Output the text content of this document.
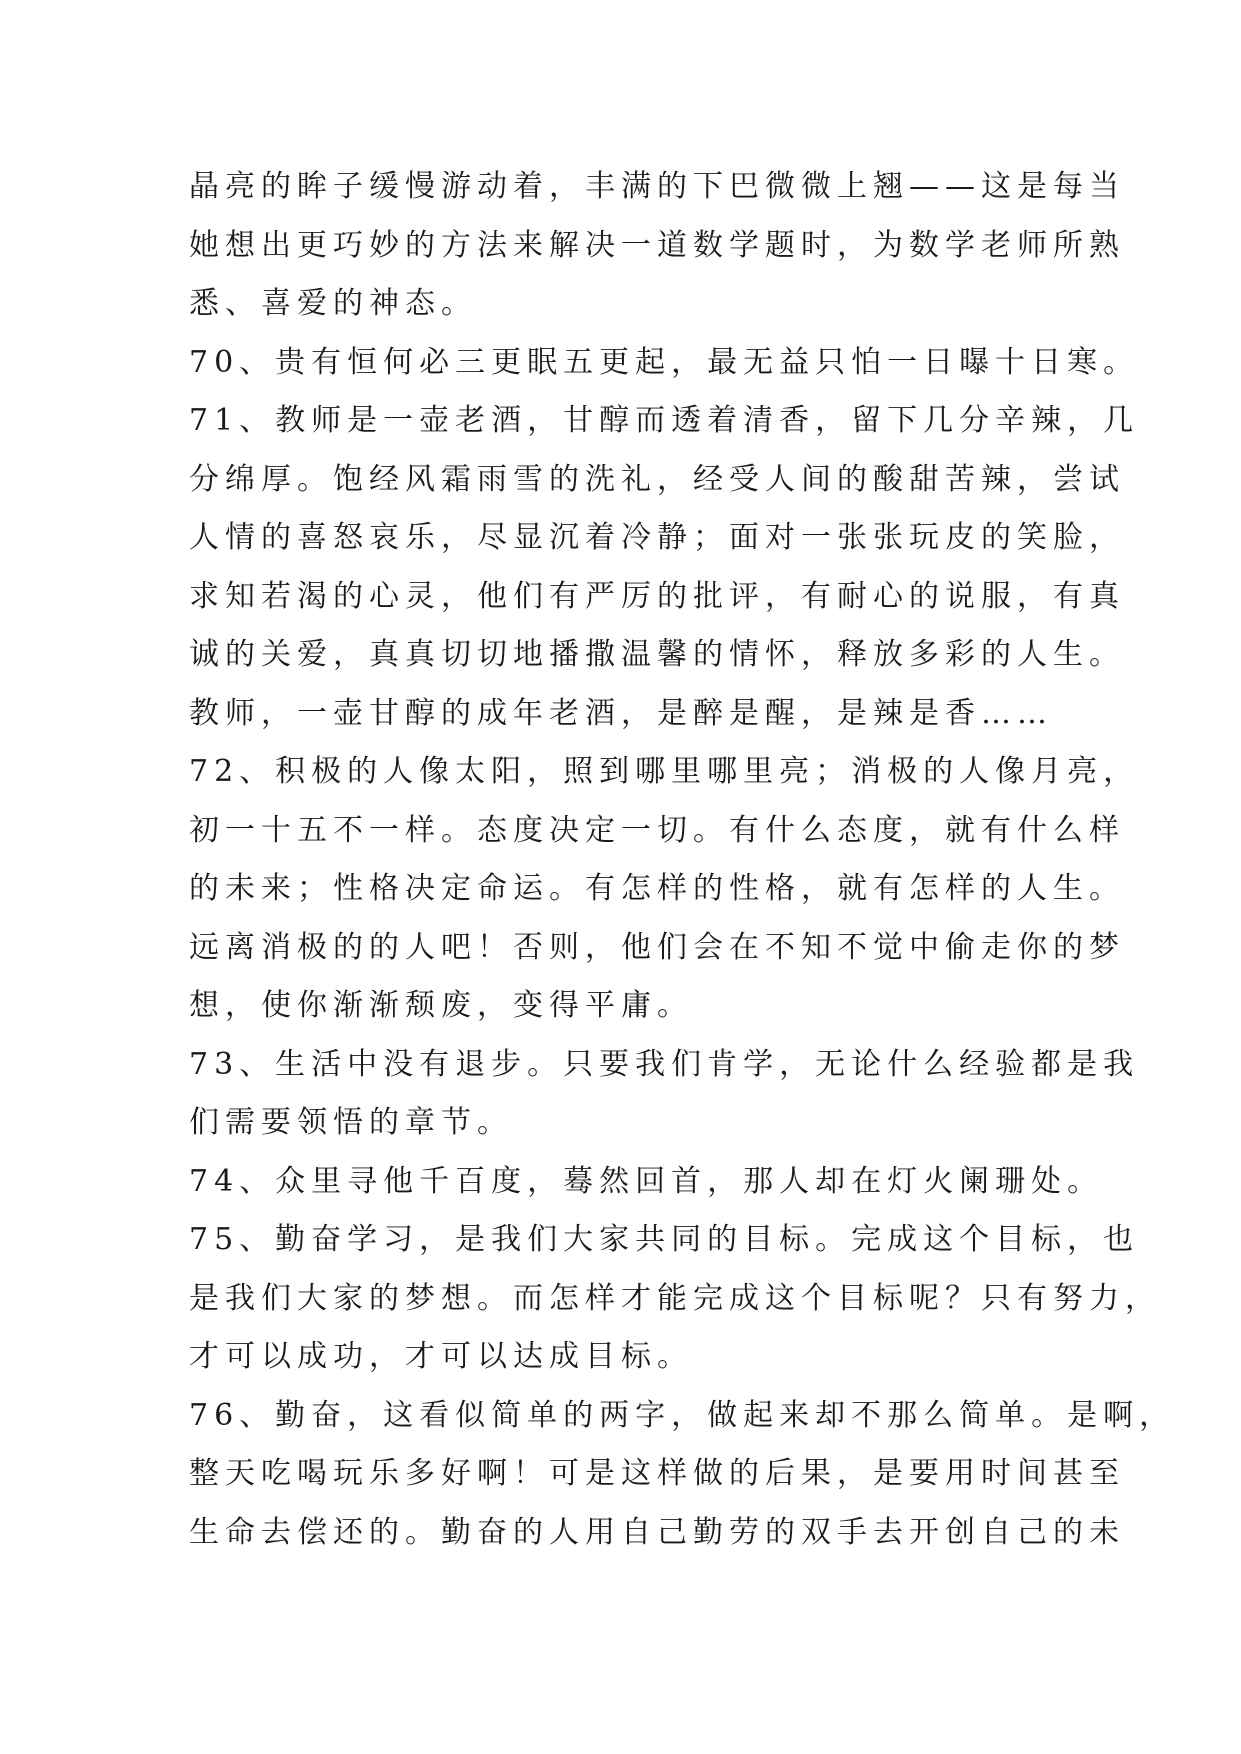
晶亮的眸子缓慢游动着，丰满的下巴微微上翘——这是每当
她想出更巧妙的方法来解决一道数学题时，为数学老师所熟
悉、喜爱的神态。
70、贵有恒何必三更眠五更起，最无益只怕一日曝十日寒。
71、教师是一壶老酒，甘醇而透着清香，留下几分辛辣，几
分绵厚。饱经风霜雨雪的洗礼，经受人间的酸甜苦辣，尝试
人情的喜怒哀乐，尽显沉着冷静；面对一张张玩皮的笑脸，
求知若渴的心灵，他们有严厉的批评，有耐心的说服，有真
诚的关爱，真真切切地播撒温馨的情怀，释放多彩的人生。
教师，一壶甘醇的成年老酒，是醉是醒，是辣是香……
72、积极的人像太阳，照到哪里哪里亮；消极的人像月亮，
初一十五不一样。态度决定一切。有什么态度，就有什么样
的未来；性格决定命运。有怎样的性格，就有怎样的人生。
远离消极的的人吧！否则，他们会在不知不觉中偷走你的梦
想，使你渐渐颓废，变得平庸。
73、生活中没有退步。只要我们肯学，无论什么经验都是我
们需要领悟的章节。
74、众里寻他千百度，蓦然回首，那人却在灯火阑珊处。
75、勤奋学习，是我们大家共同的目标。完成这个目标，也
是我们大家的梦想。而怎样才能完成这个目标呢？只有努力，
才可以成功，才可以达成目标。
76、勤奋，这看似简单的两字，做起来却不那么简单。是啊，
整天吃喝玩乐多好啊！可是这样做的后果，是要用时间甚至
生命去偿还的。勤奋的人用自己勤劳的双手去开创自己的未
